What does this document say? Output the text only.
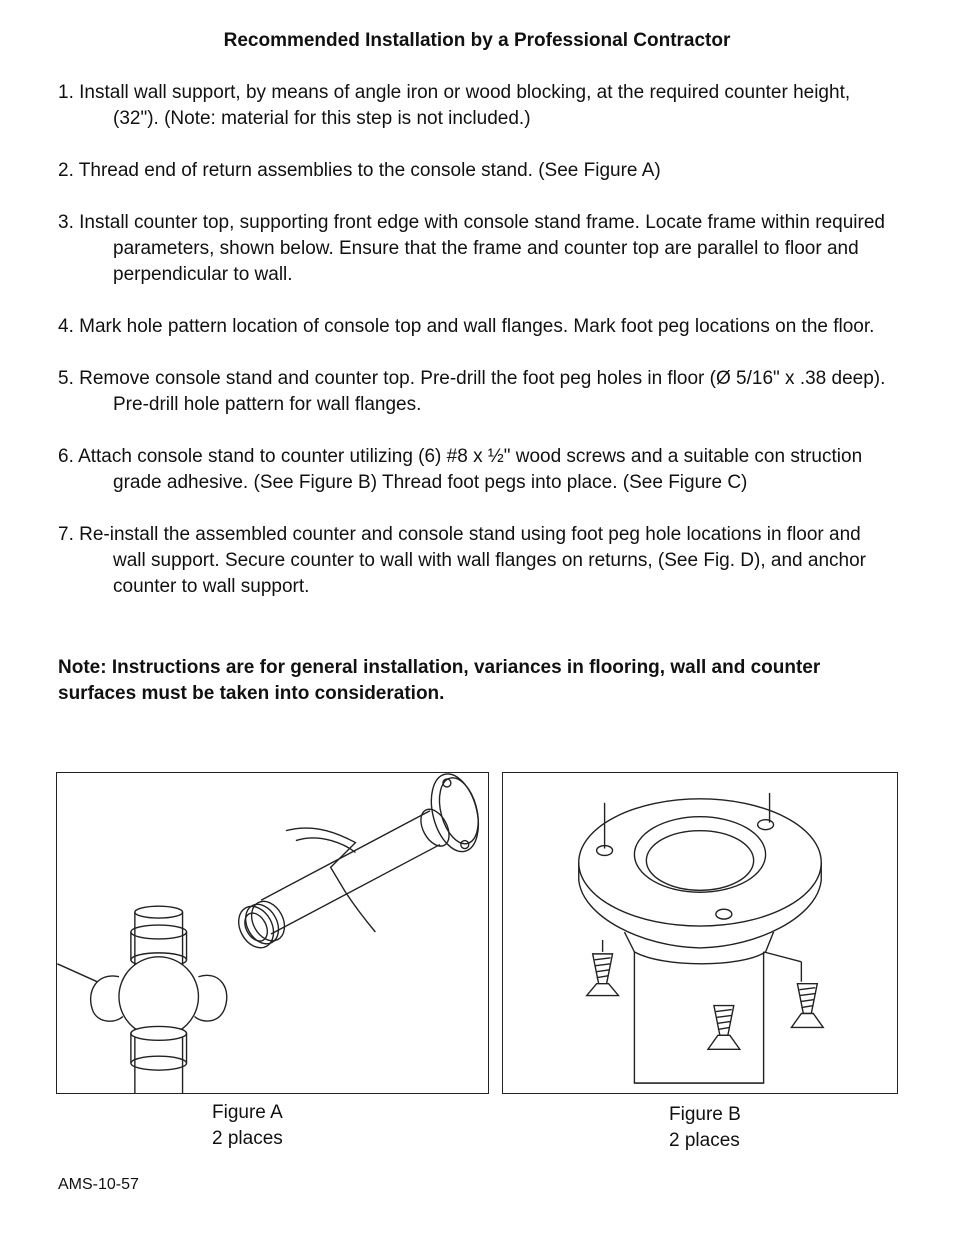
Recommended Installation by a Professional Contractor
1. Install wall support, by means of angle iron or wood blocking, at the required counter height, (32"). (Note: material for this step is not included.)
2. Thread end of return assemblies to the console stand. (See Figure A)
3. Install counter top, supporting front edge with console stand frame. Locate frame within required parameters, shown below. Ensure that the frame and counter top are parallel to floor and perpendicular to wall.
4. Mark hole pattern location of console top and wall flanges. Mark foot peg locations on the floor.
5. Remove console stand and counter top. Pre-drill the foot peg holes in floor (Ø 5/16" x .38 deep). Pre-drill hole pattern for wall flanges.
6. Attach console stand to counter utilizing (6) #8 x ½" wood screws and a suitable con struction grade adhesive. (See Figure B) Thread foot pegs into place. (See Figure C)
7. Re-install the assembled counter and console stand using foot peg hole locations in floor and wall support. Secure counter to wall with wall flanges on returns, (See Fig. D), and anchor counter to wall support.
Note: Instructions are for general installation, variances in flooring, wall and counter surfaces must be taken into consideration.
Figure A
2 places
Figure B
2 places
AMS-10-57
